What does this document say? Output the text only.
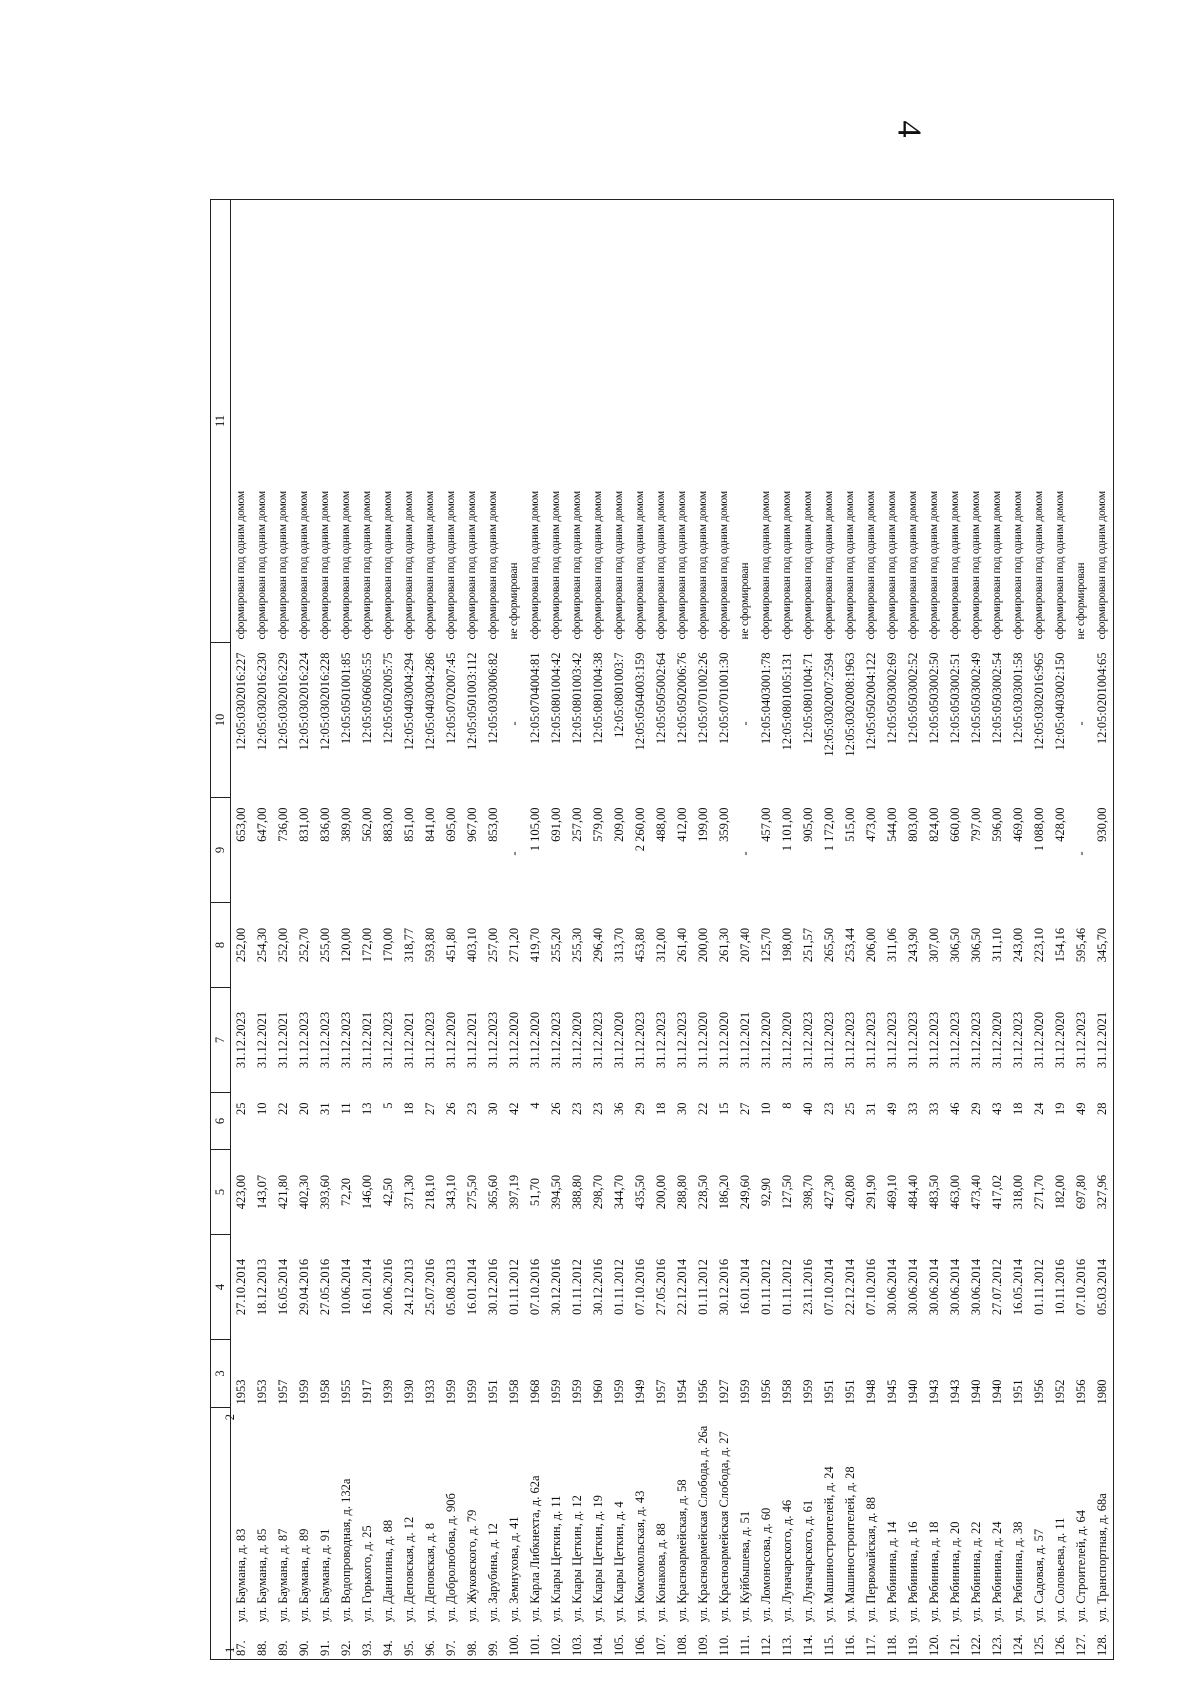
4
1
2	3	4	5	6	7	8	9	10	11
87.ул. Баумана, д. 83	1953	27.10.2014	423,00	25	31.12.2023	252,00	653,00	12:05:0302016:227	сформирован под одним домом
88.ул. Баумана, д. 85	1953	18.12.2013	143,07	10	31.12.2021	254,30	647,00	12:05:0302016:230	сформирован под одним домом
89.ул. Баумана, д. 87	1957	16.05.2014	421,80	22	31.12.2021	252,00	736,00	12:05:0302016:229	сформирован под одним домом
90.ул. Баумана, д. 89	1959	29.04.2016	402,30	20	31.12.2023	252,70	831,00	12:05:0302016:224	сформирован под одним домом
91.ул. Баумана, д. 91	1958	27.05.2016	393,60	31	31.12.2023	255,00	836,00	12:05:0302016:228	сформирован под одним домом
92.ул. Водопроводная, д. 132а	1955	10.06.2014	72,20	11	31.12.2023	120,00	389,00	12:05:0501001:85	сформирован под одним домом
93.ул. Горького, д. 25	1917	16.01.2014	146,00	13	31.12.2021	172,00	562,00	12:05:0506005:55	сформирован под одним домом
94.ул. Данилина, д. 88	1939	20.06.2016	42,50	5	31.12.2023	170,00	883,00	12:05:0502005:75	сформирован под одним домом
95.ул. Деповская, д. 12	1930	24.12.2013	371,30	18	31.12.2021	318,77	851,00	12:05:0403004:294	сформирован под одним домом
96.ул. Деповская, д. 8	1933	25.07.2016	218,10	27	31.12.2023	593,80	841,00	12:05:0403004:286	сформирован под одним домом
97.ул. Добролюбова, д. 90б	1959	05.08.2013	343,10	26	31.12.2020	451,80	695,00	12:05:0702007:45	сформирован под одним домом
98.ул. Жуковского, д. 79	1959	16.01.2014	275,50	23	31.12.2021	403,10	967,00	12:05:0501003:112	сформирован под одним домом
99.ул. Зарубина, д. 12	1951	30.12.2016	365,60	30	31.12.2023	257,00	853,00	12:05:0303006:82	сформирован под одним домом
100.ул. Земнухова, д. 41	1958	01.11.2012	397,19	42	31.12.2020	271,20	-	-	не сформирован
101.ул. Карла Либкнехта, д. 62а	1968	07.10.2016	51,70	4	31.12.2020	419,70	1 105,00	12:05:0704004:81	сформирован под одним домом
102.ул. Клары Цеткин, д. 11	1959	30.12.2016	394,50	26	31.12.2023	255,20	691,00	12:05:0801004:42	сформирован под одним домом
103.ул. Клары Цеткин, д. 12	1959	01.11.2012	388,80	23	31.12.2020	255,30	257,00	12:05:0801003:42	сформирован под одним домом
104.ул. Клары Цеткин, д. 19	1960	30.12.2016	298,70	23	31.12.2023	296,40	579,00	12:05:0801004:38	сформирован под одним домом
105.ул. Клары Цеткин, д. 4	1959	01.11.2012	344,70	36	31.12.2020	313,70	209,00	12:05:0801003:7	сформирован под одним домом
106.ул. Комсомольская, д. 43	1949	07.10.2016	435,50	29	31.12.2023	453,80	2 260,00	12:05:0504003:159	сформирован под одним домом
107.ул. Конакова, д. 88	1957	27.05.2016	200,00	18	31.12.2023	312,00	488,00	12:05:0505002:64	сформирован под одним домом
108.ул. Красноармейская, д. 58	1954	22.12.2014	288,80	30	31.12.2023	261,40	412,00	12:05:0502006:76	сформирован под одним домом
109.ул. Красноармейская Слобода, д. 26а	1956	01.11.2012	228,50	22	31.12.2020	200,00	199,00	12:05:0701002:26	сформирован под одним домом
110.ул. Красноармейская Слобода, д. 27	1927	30.12.2016	186,20	15	31.12.2020	261,30	359,00	12:05:0701001:30	сформирован под одним домом
111.ул. Куйбышева, д. 51	1959	16.01.2014	249,60	27	31.12.2021	207,40	-	-	не сформирован
112.ул. Ломоносова, д. 60	1956	01.11.2012	92,90	10	31.12.2020	125,70	457,00	12:05:0403001:78	сформирован под одним домом
113.ул. Луначарского, д. 46	1958	01.11.2012	127,50	8	31.12.2020	198,00	1 101,00	12:05:0801005:131	сформирован под одним домом
114.ул. Луначарского, д. 61	1959	23.11.2016	398,70	40	31.12.2023	251,57	905,00	12:05:0801004:71	сформирован под одним домом
115.ул. Машиностроителей, д. 24	1951	07.10.2014	427,30	23	31.12.2023	265,50	1 172,00	12:05:0302007:2594	сформирован под одним домом
116.ул. Машиностроителей, д. 28	1951	22.12.2014	420,80	25	31.12.2023	253,44	515,00	12:05:0302008:1963	сформирован под одним домом
117.ул. Первомайская, д. 88	1948	07.10.2016	291,90	31	31.12.2023	206,00	473,00	12:05:0502004:122	сформирован под одним домом
118.ул. Рябинина, д. 14	1945	30.06.2014	469,10	49	31.12.2023	311,06	544,00	12:05:0503002:69	сформирован под одним домом
119.ул. Рябинина, д. 16	1940	30.06.2014	484,40	33	31.12.2023	243,90	803,00	12:05:0503002:52	сформирован под одним домом
120.ул. Рябинина, д. 18	1943	30.06.2014	483,50	33	31.12.2023	307,00	824,00	12:05:0503002:50	сформирован под одним домом
121.ул. Рябинина, д. 20	1943	30.06.2014	463,00	46	31.12.2023	306,50	660,00	12:05:0503002:51	сформирован под одним домом
122.ул. Рябинина, д. 22	1940	30.06.2014	473,40	29	31.12.2023	306,50	797,00	12:05:0503002:49	сформирован под одним домом
123.ул. Рябинина, д. 24	1940	27.07.2012	417,02	43	31.12.2020	311,10	596,00	12:05:0503002:54	сформирован под одним домом
124.ул. Рябинина, д. 38	1951	16.05.2014	318,00	18	31.12.2023	243,00	469,00	12:05:0303001:58	сформирован под одним домом
125.ул. Садовая, д. 57	1956	01.11.2012	271,70	24	31.12.2020	223,10	1 088,00	12:05:0302016:965	сформирован под одним домом
126.ул. Соловьева, д. 11	1952	10.11.2016	182,00	19	31.12.2020	154,16	428,00	12:05:0403002:150	сформирован под одним домом
127.ул. Строителей, д. 64	1956	07.10.2016	697,80	49	31.12.2023	595,46	-	-	не сформирован
128.ул. Транспортная, д. 68а	1980	05.03.2014	327,96	28	31.12.2021	345,70	930,00	12:05:0201004:65	сформирован под одним домом
